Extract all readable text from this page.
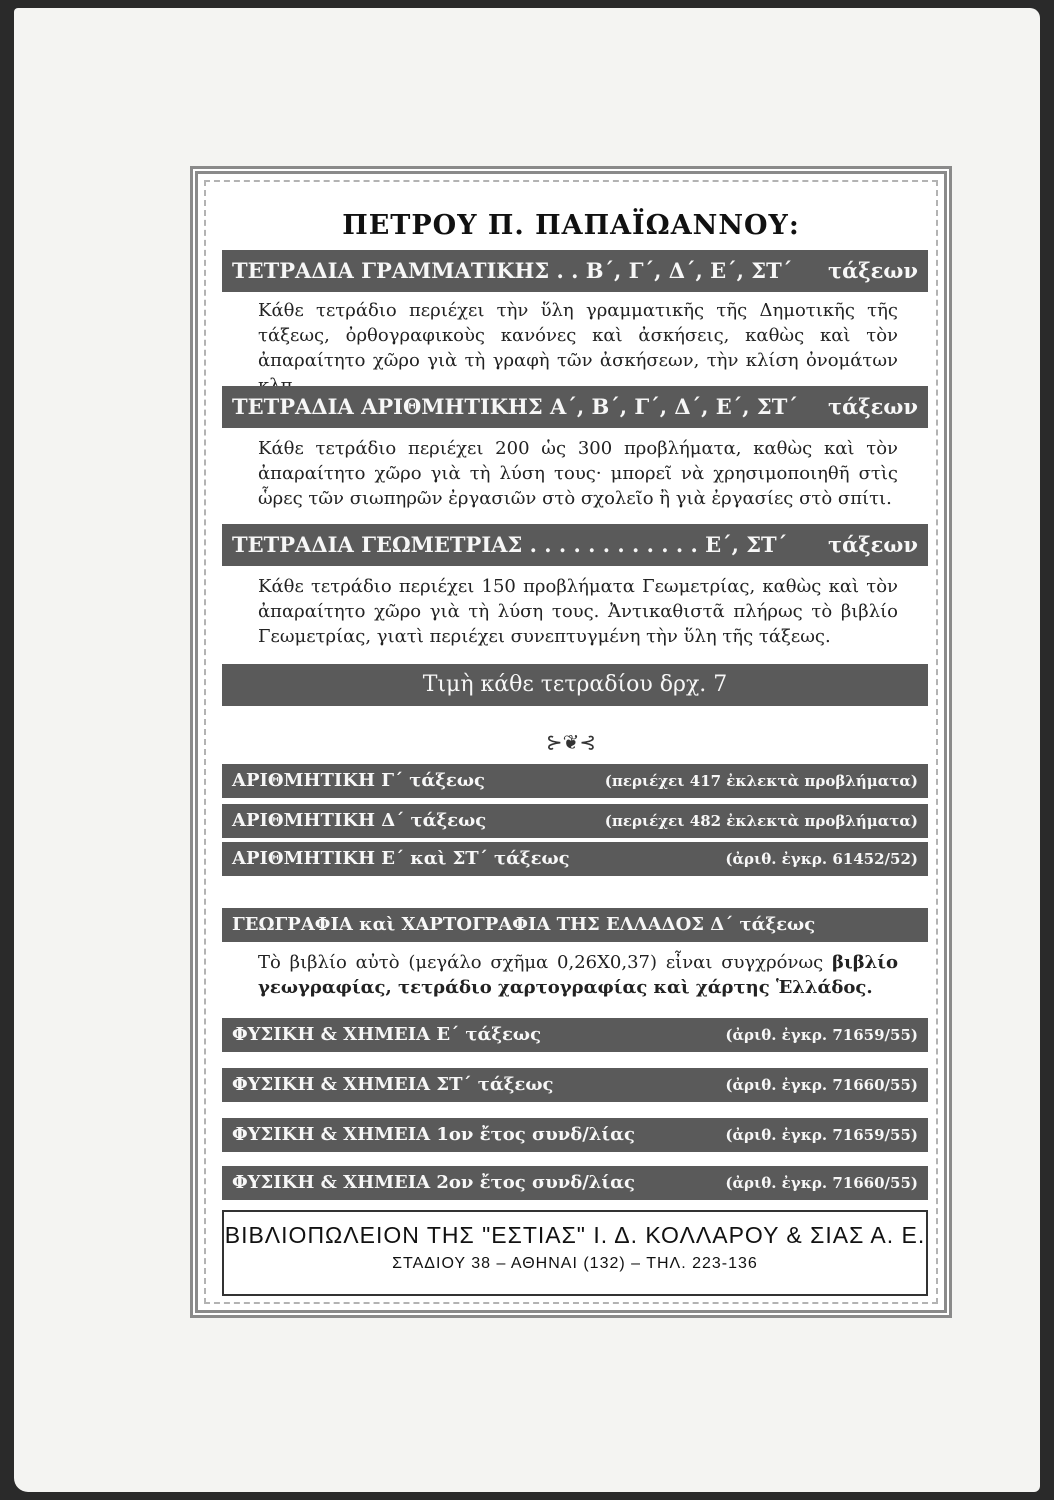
ΠΕΤΡΟΥ Π. ΠΑΠΑΪΩΑΝΝΟΥ:
ΤΕΤΡΑΔΙΑ ΓΡΑΜΜΑΤΙΚΗΣ . . Β΄, Γ΄, Δ΄, Ε΄, ΣΤ΄ τάξεων
Κάθε τετράδιο περιέχει τὴν ὕλη γραμματικῆς τῆς Δημοτικῆς τῆς τάξεως, ὀρθογραφικοὺς κανόνες καὶ ἀσκήσεις, καθὼς καὶ τὸν ἀπαραίτητο χῶρο γιὰ τὴ γραφὴ τῶν ἀσκήσεων, τὴν κλίση ὀνομάτων
ΤΕΤΡΑΔΙΑ ΑΡΙΘΜΗΤΙΚΗΣ Α΄, Β΄, Γ΄, Δ΄, Ε΄, ΣΤ΄ τάξεων
Κάθε τετράδιο περιέχει 200 ὡς 300 προβλήματα, καθὼς καὶ τὸν ἀπαραίτητο χῶρο γιὰ τὴ λύση τους· μπορεῖ νὰ χρησιμοποιηθῆ στὶς ὧρες τῶν σιωπηρῶν ἐργασιῶν στὸ σχολεῖο ἢ γιὰ ἐργασίες στὸ σπίτι.
ΤΕΤΡΑΔΙΑ ΓΕΩΜΕΤΡΙΑΣ . . . . . . . . . . . . Ε΄, ΣΤ΄ τάξεων
Κάθε τετράδιο περιέχει 150 προβλήματα Γεωμετρίας, καθὼς καὶ τὸν ἀπαραίτητο χῶρο γιὰ τὴ λύση τους. Ἀντικαθιστᾶ πλήρως τὸ βιβλίο Γεωμετρίας, γιατὶ περιέχει συνεπτυγμένη τὴν ὕλη τῆς τάξεως.
Τιμὴ κάθε τετραδίου δρχ. 7
⊱❦⊰
ΑΡΙΘΜΗΤΙΚΗ Γ΄ τάξεως	(περιέχει 417 ἐκλεκτὰ προβλήματα)
ΑΡΙΘΜΗΤΙΚΗ Δ΄ τάξεως	(περιέχει 482 ἐκλεκτὰ προβλήματα)
ΑΡΙΘΜΗΤΙΚΗ Ε΄ καὶ ΣΤ΄ τάξεως	(ἀριθ. ἐγκρ. 61452/52)
ΓΕΩΓΡΑΦΙΑ καὶ ΧΑΡΤΟΓΡΑΦΙΑ ΤΗΣ ΕΛΛΑΔΟΣ Δ΄ τάξεως
Τὸ βιβλίο αὐτὸ (μεγάλο σχῆμα 0,26Χ0,37) εἶναι συγχρόνως βιβλίο γεωγραφίας, τετράδιο χαρτογραφίας καὶ χάρτης Ἑλλάδος.
ΦΥΣΙΚΗ & ΧΗΜΕΙΑ Ε΄ τάξεως	(ἀριθ. ἐγκρ. 71659/55)
ΦΥΣΙΚΗ & ΧΗΜΕΙΑ ΣΤ΄ τάξεως	(ἀριθ. ἐγκρ. 71660/55)
ΦΥΣΙΚΗ & ΧΗΜΕΙΑ 1ον ἔτος συνδ/λίας	(ἀριθ. ἐγκρ. 71659/55)
ΦΥΣΙΚΗ & ΧΗΜΕΙΑ 2ον ἔτος συνδ/λίας	(ἀριθ. ἐγκρ. 71660/55)
ΒΙΒΛΙΟΠΩΛΕΙΟΝ ΤΗΣ "ΕΣΤΙΑΣ" Ι. Δ. ΚΟΛΛΑΡΟΥ & ΣΙΑΣ Α. Ε.
ΣΤΑΔΙΟΥ 38 – ΑΘΗΝΑΙ (132) – ΤΗΛ. 223-136
